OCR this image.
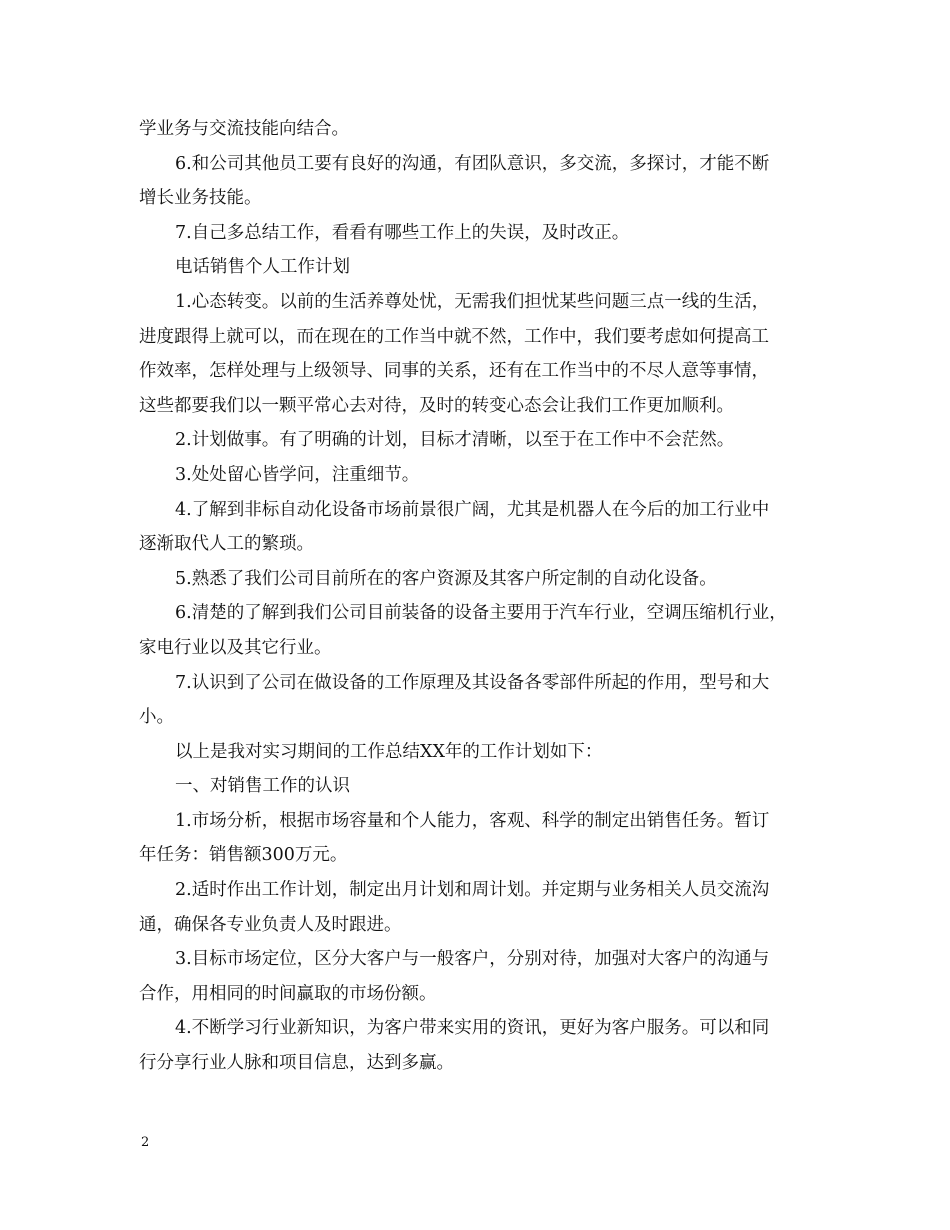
学业务与交流技能向结合。
6.和公司其他员工要有良好的沟通，有团队意识，多交流，多探讨，才能不断
增长业务技能。
7.自己多总结工作，看看有哪些工作上的失误，及时改正。
电话销售个人工作计划
1.心态转变。以前的生活养尊处忧，无需我们担忧某些问题三点一线的生活，
进度跟得上就可以，而在现在的工作当中就不然，工作中，我们要考虑如何提高工
作效率，怎样处理与上级领导、同事的关系，还有在工作当中的不尽人意等事情，
这些都要我们以一颗平常心去对待，及时的转变心态会让我们工作更加顺利。
2.计划做事。有了明确的计划，目标才清晰，以至于在工作中不会茫然。
3.处处留心皆学问，注重细节。
4.了解到非标自动化设备市场前景很广阔，尤其是机器人在今后的加工行业中
逐渐取代人工的繁琐。
5.熟悉了我们公司目前所在的客户资源及其客户所定制的自动化设备。
6.清楚的了解到我们公司目前装备的设备主要用于汽车行业，空调压缩机行业，
家电行业以及其它行业。
7.认识到了公司在做设备的工作原理及其设备各零部件所起的作用，型号和大
小。
以上是我对实习期间的工作总结XX年的工作计划如下：
一、对销售工作的认识
1.市场分析，根据市场容量和个人能力，客观、科学的制定出销售任务。暂订
年任务：销售额300万元。
2.适时作出工作计划，制定出月计划和周计划。并定期与业务相关人员交流沟
通，确保各专业负责人及时跟进。
3.目标市场定位，区分大客户与一般客户，分别对待，加强对大客户的沟通与
合作，用相同的时间赢取的市场份额。
4.不断学习行业新知识，为客户带来实用的资讯，更好为客户服务。可以和同
行分享行业人脉和项目信息，达到多赢。
2
